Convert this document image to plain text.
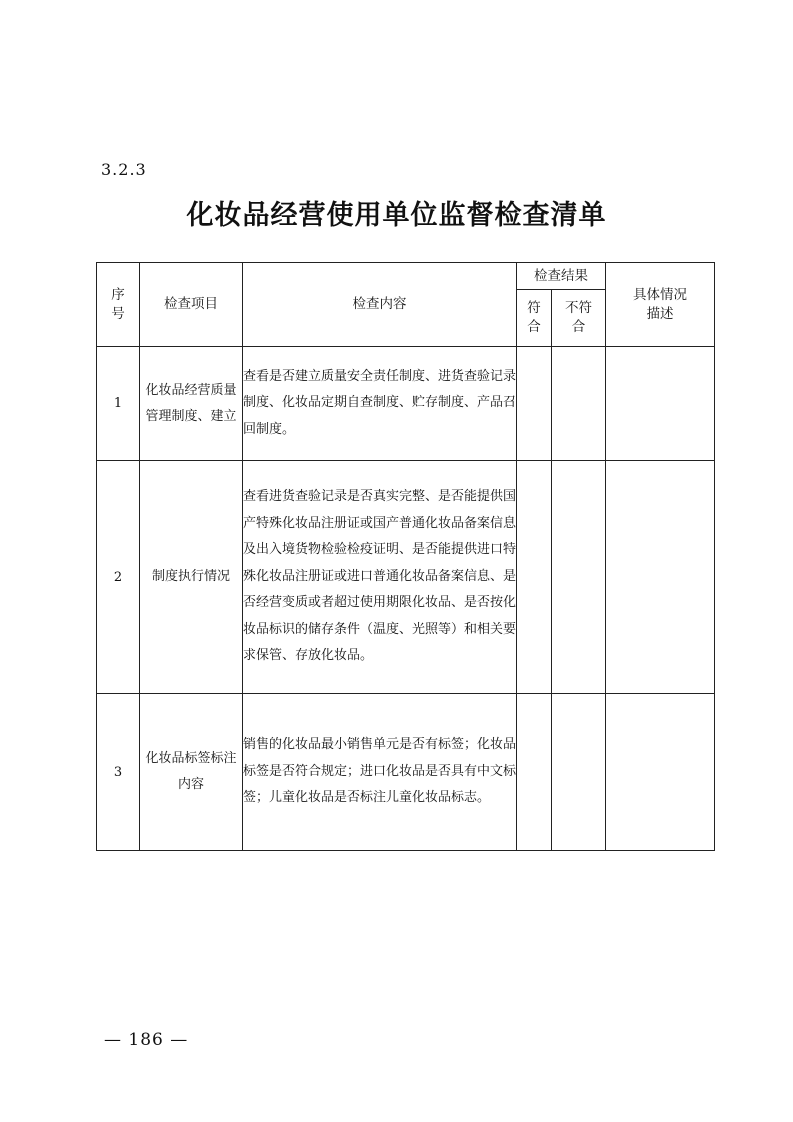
3.2.3
化妆品经营使用单位监督检查清单
序号	检查项目	检查内容	检查结果		具体情况描述

			符合	不符合	

1	化妆品经营质量管理制度、建立	查看是否建立质量安全责任制度、进货查验记录制度、化妆品定期自查制度、贮存制度、产品召回制度。			
2	制度执行情况	查看进货查验记录是否真实完整、是否能提供国产特殊化妆品注册证或国产普通化妆品备案信息及出入境货物检验检疫证明、是否能提供进口特殊化妆品注册证或进口普通化妆品备案信息、是否经营变质或者超过使用期限化妆品、是否按化妆品标识的储存条件（温度、光照等）和相关要求保管、存放化妆品。			
3	化妆品标签标注内容	销售的化妆品最小销售单元是否有标签；化妆品标签是否符合规定；进口化妆品是否具有中文标签；儿童化妆品是否标注儿童化妆品标志。			
— 186 —
